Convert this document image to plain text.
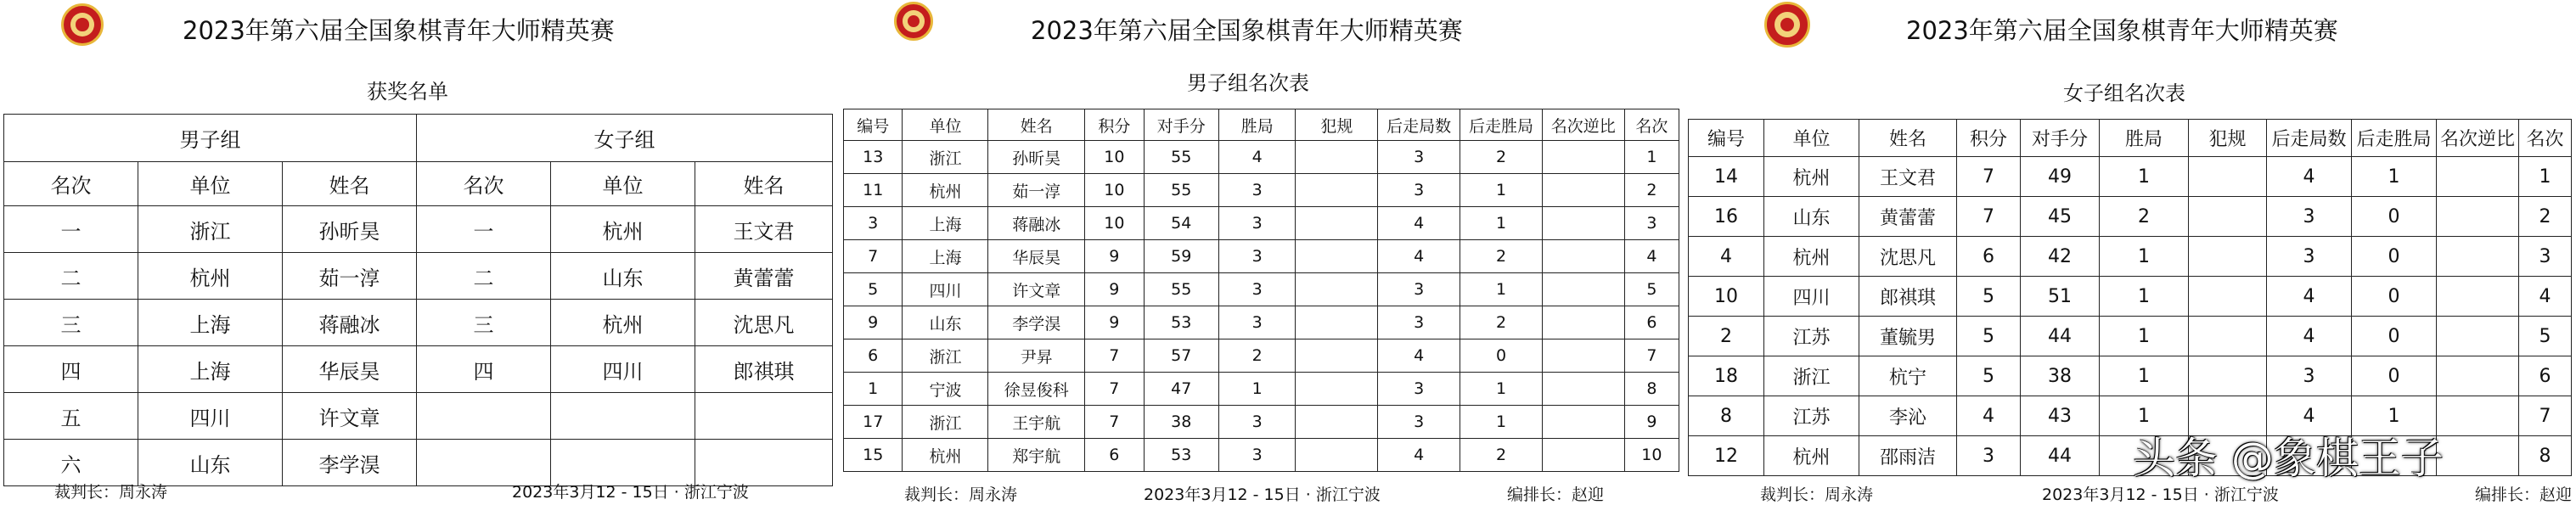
2023年第六届全国象棋青年大师精英赛
获奖名单
男子组			女子组		
名次	单位	姓名	名次	单位	姓名
一	浙江	孙昕昊	一	杭州	王文君
二	杭州	茹一淳	二	山东	黄蕾蕾
三	上海	蒋融冰	三	杭州	沈思凡
四	上海	华辰昊	四	四川	郎祺琪
五	四川	许文章			
六	山东	李学淏			
裁判长：周永涛	2023年3月12 - 15日 · 浙江宁波
2023年第六届全国象棋青年大师精英赛
男子组名次表
编号	单位	姓名	积分	对手分	胜局	犯规	后走局数	后走胜局	名次逆比	名次
13	浙江	孙昕昊	10	55	4		3	2		1
11	杭州	茹一淳	10	55	3		3	1		2
3	上海	蒋融冰	10	54	3		4	1		3
7	上海	华辰昊	9	59	3		4	2		4
5	四川	许文章	9	55	3		3	1		5
9	山东	李学淏	9	53	3		3	2		6
6	浙江	尹昇	7	57	2		4	0		7
1	宁波	徐昱俊科	7	47	1		3	1		8
17	浙江	王宇航	7	38	3		3	1		9
15	杭州	郑宇航	6	53	3		4	2		10
裁判长：周永涛	2023年3月12 - 15日 · 浙江宁波	编排长：赵迎
2023年第六届全国象棋青年大师精英赛
女子组名次表
编号	单位	姓名	积分	对手分	胜局	犯规	后走局数	后走胜局	名次逆比	名次
14	杭州	王文君	7	49	1		4	1		1
16	山东	黄蕾蕾	7	45	2		3	0		2
4	杭州	沈思凡	6	42	1		3	0		3
10	四川	郎祺琪	5	51	1		4	0		4
2	江苏	董毓男	5	44	1		4	0		5
18	浙江	杭宁	5	38	1		3	0		6
8	江苏	李沁	4	43	1		4	1		7
12	杭州	邵雨洁	3	44						8
裁判长：周永涛	2023年3月12 - 15日 · 浙江宁波	编排长：赵迎
头条 @象棋王子
